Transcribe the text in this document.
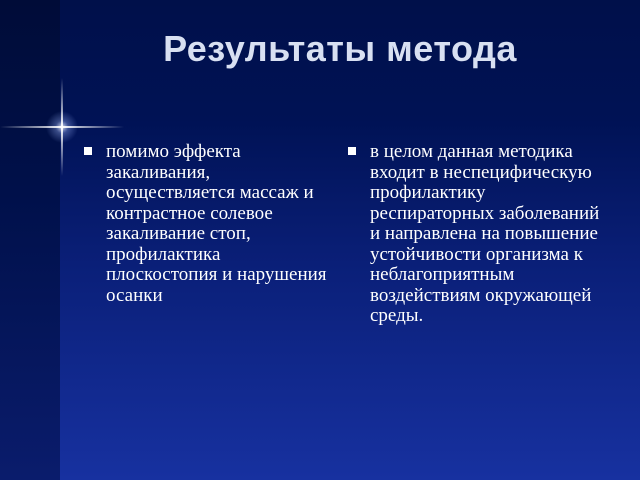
Результаты метода
помимо эффекта закаливания, осуществляется массаж и контрастное солевое закаливание стоп, профилактика плоскостопия и нарушения осанки
в целом данная методика входит в неспецифическую профилактику респираторных заболеваний и направлена на повышение устойчивости организма к неблагоприятным воздействиям окружающей среды.
